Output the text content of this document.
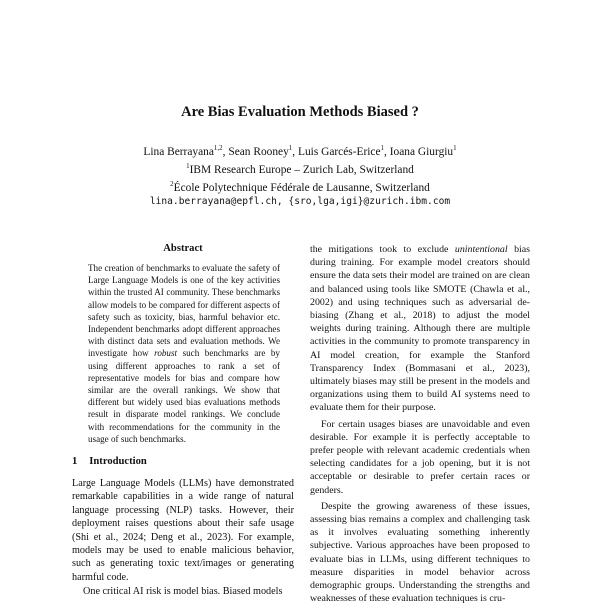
Are Bias Evaluation Methods Biased ?
Lina Berrayana$^{1,2}$, Sean Rooney$^1$, Luis Garcés-Erice$^1$, Ioana Giurgiu$^1$
$^1$IBM Research Europe – Zurich Lab, Switzerland
$^2$École Polytechnique Fédérale de Lausanne, Switzerland
lina.berrayana@epfl.ch, {sro,lga,igi}@zurich.ibm.com
Abstract

The creation of benchmarks to evaluate the safety of Large Language Models is one of the key activities within the trusted AI community. These benchmarks allow models to be compared for different aspects of safety such as toxicity, bias, harmful behavior etc. Independent benchmarks adopt different approaches with distinct data sets and evaluation methods. We investigate how robust such benchmarks are by using different approaches to rank a set of representative models for bias and compare how similar are the overall rankings. We show that different but widely used bias evaluations methods result in disparate model rankings. We conclude with recommendations for the community in the usage of such benchmarks.

1 Introduction

Large Language Models (LLMs) have demonstrated remarkable capabilities in a wide range of natural language processing (NLP) tasks. However, their deployment raises questions about their safe usage (Shi et al., 2024; Deng et al., 2023). For example, models may be used to enable malicious behavior, such as generating toxic text/images or generating harmful code.

One critical AI risk is model bias. Biased models

the mitigations took to exclude unintentional bias during training. For example model creators should ensure the data sets their model are trained on are clean and balanced using tools like SMOTE (Chawla et al., 2002) and using techniques such as adversarial de-biasing (Zhang et al., 2018) to adjust the model weights during training. Although there are multiple activities in the community to promote transparency in AI model creation, for example the Stanford Transparency Index (Bommasani et al., 2023), ultimately biases may still be present in the models and organizations using them to build AI systems need to evaluate them for their purpose.

For certain usages biases are unavoidable and even desirable. For example it is perfectly acceptable to prefer people with relevant academic credentials when selecting candidates for a job opening, but it is not acceptable or desirable to prefer certain races or genders.

Despite the growing awareness of these issues, assessing bias remains a complex and challenging task as it involves evaluating something inherently subjective. Various approaches have been proposed to evaluate bias in LLMs, using different techniques to measure disparities in model behavior across demographic groups. Understanding the strengths and weaknesses of these evaluation techniques is cru-
